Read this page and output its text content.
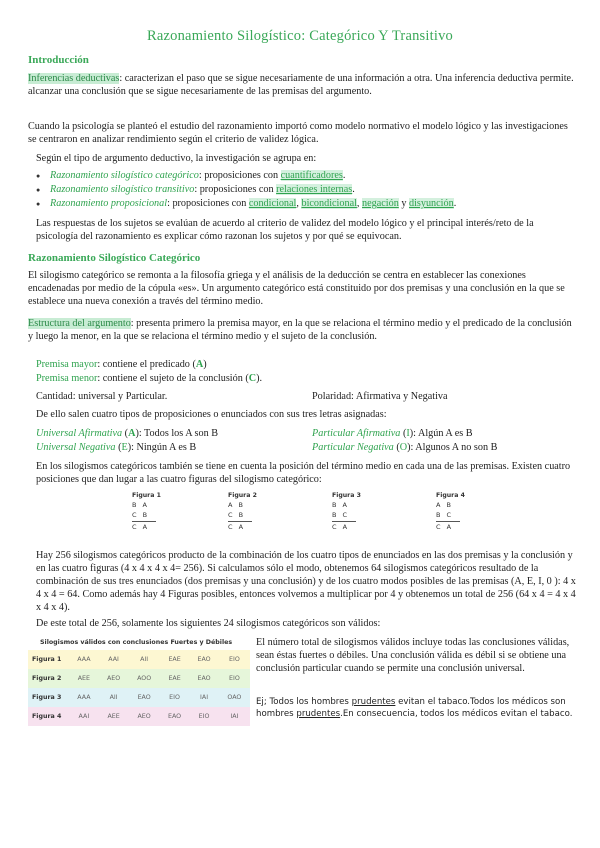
Razonamiento Silogístico: Categórico Y Transitivo
Introducción
Inferencias deductivas: caracterizan el paso que se sigue necesariamente de una información a otra. Una inferencia deductiva permite. alcanzar una conclusión que se sigue necesariamente de las premisas del argumento.
Cuando la psicología se planteó el estudio del razonamiento importó como modelo normativo el modelo lógico y las investigaciones se centraron en analizar rendimiento según el criterio de validez lógica.
Según el tipo de argumento deductivo, la investigación se agrupa en:
● Razonamiento silogístico categórico: proposiciones con cuantificadores.
● Razonamiento silogístico transitivo: proposiciones con relaciones internas.
● Razonamiento proposicional: proposiciones con condicional, bicondicional, negación y disyunción.
Las respuestas de los sujetos se evalúan de acuerdo al criterio de validez del modelo lógico y el principal interés/reto de la psicología del razonamiento es explicar cómo razonan los sujetos y por qué se equivocan.
Razonamiento Silogístico Categórico
El silogismo categórico se remonta a la filosofía griega y el análisis de la deducción se centra en establecer las conexiones encadenadas por medio de la cópula «es». Un argumento categórico está constituido por dos premisas y una conclusión en la que se establece una nueva conexión a través del término medio.
Estructura del argumento: presenta primero la premisa mayor, en la que se relaciona el término medio y el predicado de la conclusión y luego la menor, en la que se relaciona el término medio y el sujeto de la conclusión.
Premisa mayor: contiene el predicado (A)
Premisa menor: contiene el sujeto de la conclusión (C).
Cantidad: universal y Particular.	Polaridad: Afirmativa y Negativa
De ello salen cuatro tipos de proposiciones o enunciados con sus tres letras asignadas:
Universal Afirmativa (A): Todos los A son B	Particular Afirmativa (I): Algún A es B
Universal Negativa (E): Ningún A es B	Particular Negativa (O): Algunos A no son B
En los silogismos categóricos también se tiene en cuenta la posición del término medio en cada una de las premisas. Existen cuatro posiciones que dan lugar a las cuatro figuras del silogismo categórico:
Figura 1
B A
C B
C A
Figura 2
A B
C B
C A
Figura 3
B A
B C
C A
Figura 4
A B
B C
C A
Hay 256 silogismos categóricos producto de la combinación de los cuatro tipos de enunciados en las dos premisas y la conclusión y en las cuatro figuras (4 x 4 x 4 x 4= 256). Si calculamos sólo el modo, obtenemos 64 silogismos categóricos resultado de la combinación de sus tres enunciados (dos premisas y una conclusión) y de los cuatro modos posibles de las premisas (A, E, I, 0 ): 4 x 4 x 4 = 64. Como además hay 4 Figuras posibles, entonces volvemos a multiplicar por 4 y obtenemos un total de 256 (64 x 4 = 4 x 4 x 4 x 4).
De este total de 256, solamente los siguientes 24 silogismos categóricos son válidos:
Silogismos válidos con conclusiones Fuertes y Débiles
Figura 1	AAA	AAI	AII	EAE	EAO	EIO
Figura 2	AEE	AEO	AOO	EAE	EAO	EIO
Figura 3	AAA	AII	EAO	EIO	IAI	OAO
Figura 4	AAI	AEE	AEO	EAO	EIO	IAI
El número total de silogismos válidos incluye todas las conclusiones válidas, sean éstas fuertes o débiles. Una conclusión válida es débil si se obtiene una conclusión particular cuando se permite una conclusión universal.
Ej; Todos los hombres prudentes evitan el tabaco.Todos los médicos son hombres prudentes.En consecuencia, todos los médicos evitan el tabaco.
